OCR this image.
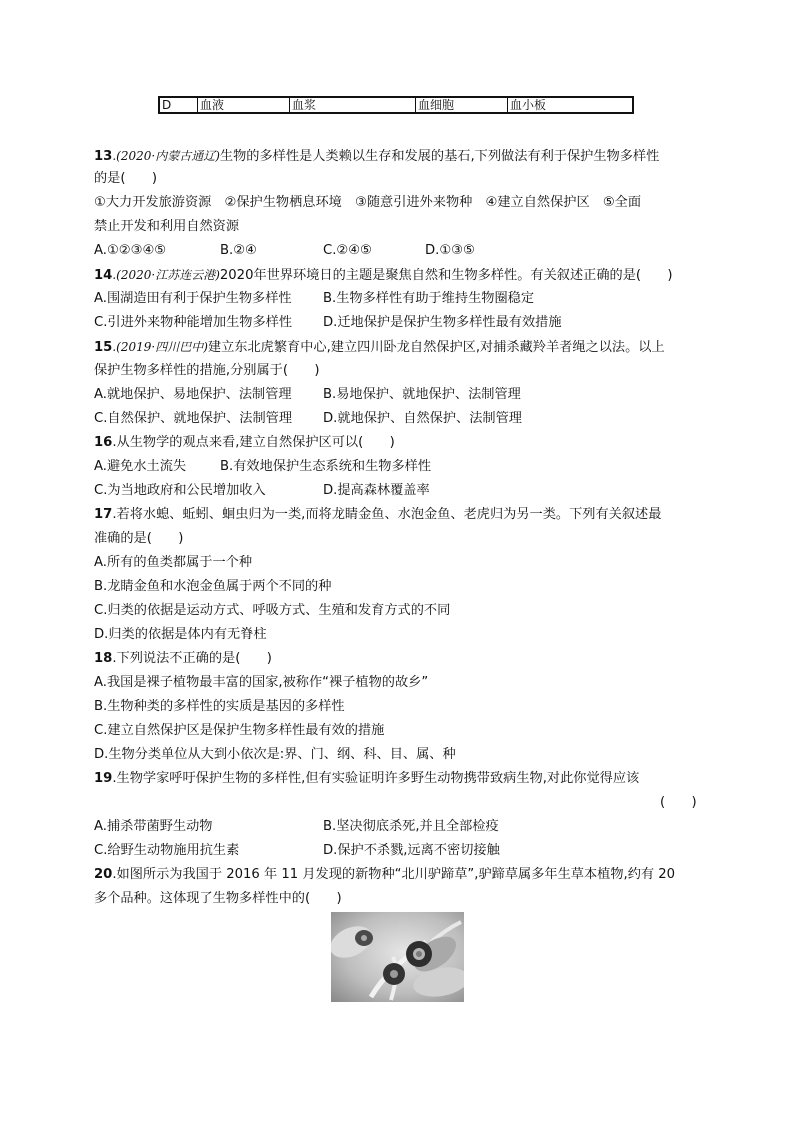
D	血液	血浆	血细胞	血小板
13.(2020·内蒙古通辽)生物的多样性是人类赖以生存和发展的基石,下列做法有利于保护生物多样性
的是(　　)
①大力开发旅游资源　②保护生物栖息环境　③随意引进外来物种　④建立自然保护区　⑤全面
禁止开发和利用自然资源
A.①②③④⑤	B.②④	C.②④⑤	D.①③⑤
14.(2020·江苏连云港)2020年世界环境日的主题是聚焦自然和生物多样性。有关叙述正确的是(　　)
A.围湖造田有利于保护生物多样性 B.生物多样性有助于维持生物圈稳定
C.引进外来物种能增加生物多样性 D.迁地保护是保护生物多样性最有效措施
15.(2019·四川巴中)建立东北虎繁育中心,建立四川卧龙自然保护区,对捕杀藏羚羊者绳之以法。以上
保护生物多样性的措施,分别属于(　　)
A.就地保护、易地保护、法制管理 B.易地保护、就地保护、法制管理
C.自然保护、就地保护、法制管理 D.就地保护、自然保护、法制管理
16.从生物学的观点来看,建立自然保护区可以(　　)
A.避免水土流失	B.有效地保护生态系统和生物多样性
C.为当地政府和公民增加收入	D.提高森林覆盖率
17.若将水螅、蚯蚓、蛔虫归为一类,而将龙睛金鱼、水泡金鱼、老虎归为另一类。下列有关叙述最
准确的是(　　)
A.所有的鱼类都属于一个种
B.龙睛金鱼和水泡金鱼属于两个不同的种
C.归类的依据是运动方式、呼吸方式、生殖和发育方式的不同
D.归类的依据是体内有无脊柱
18.下列说法不正确的是(　　)
A.我国是裸子植物最丰富的国家,被称作“裸子植物的故乡”
B.生物种类的多样性的实质是基因的多样性
C.建立自然保护区是保护生物多样性最有效的措施
D.生物分类单位从大到小依次是:界、门、纲、科、目、属、种
19.生物学家呼吁保护生物的多样性,但有实验证明许多野生动物携带致病生物,对此你觉得应该
(　　)
A.捕杀带菌野生动物	B.坚决彻底杀死,并且全部检疫
C.给野生动物施用抗生素	D.保护不杀戮,远离不密切接触
20.如图所示为我国于 2016 年 11 月发现的新物种“北川驴蹄草”,驴蹄草属多年生草本植物,约有 20
多个品种。这体现了生物多样性中的(　　)
